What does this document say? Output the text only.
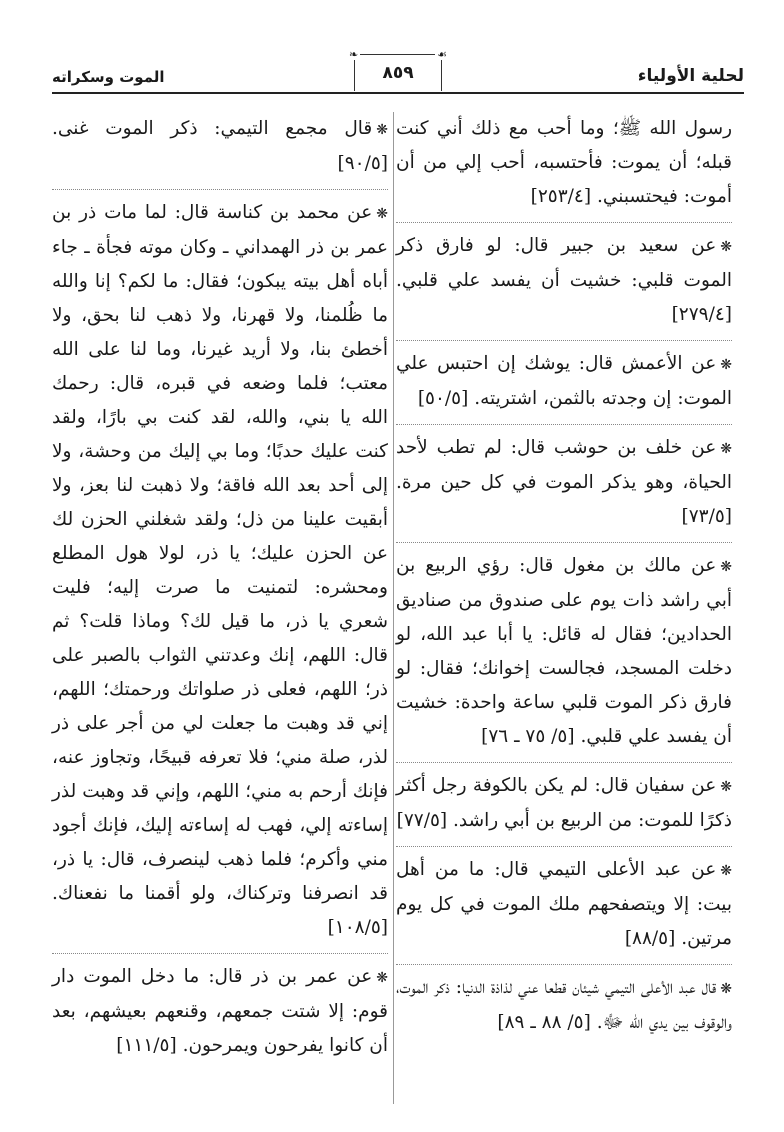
لحلية الأولياء
☙
٨٥٩
❧
الموت وسكراته
رسول الله ﷺ؛ وما أحب مع ذلك أني كنت قبله؛ أن يموت: فأحتسبه، أحب إلي من أن أموت: فيحتسبني. [٢٥٣/٤]
❋عن سعيد بن جبير قال: لو فارق ذكر الموت قلبي: خشيت أن يفسد علي قلبي. [٢٧٩/٤]
❋عن الأعمش قال: يوشك إن احتبس علي الموت: إن وجدته بالثمن، اشتريته. [٥٠/٥]
❋عن خلف بن حوشب قال: لم تطب لأحد الحياة، وهو يذكر الموت في كل حين مرة. [٧٣/٥]
❋عن مالك بن مغول قال: رؤي الربيع بن أبي راشد ذات يوم على صندوق من صناديق الحدادين؛ فقال له قائل: يا أبا عبد الله، لو دخلت المسجد، فجالست إخوانك؛ فقال: لو فارق ذكر الموت قلبي ساعة واحدة: خشيت أن يفسد علي قلبي. [٥/ ٧٥ ـ ٧٦]
❋عن سفيان قال: لم يكن بالكوفة رجل أكثر ذكرًا للموت: من الربيع بن أبي راشد. [٧٧/٥]
❋عن عبد الأعلى التيمي قال: ما من أهل بيت: إلا ويتصفحهم ملك الموت في كل يوم مرتين. [٨٨/٥]
❋قال عبد الأعلى التيمي شيئان قطعا عني لذاذة الدنيا: ذكر الموت، والوقوف بين يدي الله ﷻ. [٥/ ٨٨ ـ ٨٩]
❋قال مجمع التيمي: ذكر الموت غنى. [٩٠/٥]
❋عن محمد بن كناسة قال: لما مات ذر بن عمر بن ذر الهمداني ـ وكان موته فجأة ـ جاء أباه أهل بيته يبكون؛ فقال: ما لكم؟ إنا والله ما ظُلمنا، ولا قهرنا، ولا ذهب لنا بحق، ولا أخطئ بنا، ولا أريد غيرنا، وما لنا على الله معتب؛ فلما وضعه في قبره، قال: رحمك الله يا بني، والله، لقد كنت بي بارًا، ولقد كنت عليك حدبًا؛ وما بي إليك من وحشة، ولا إلى أحد بعد الله فاقة؛ ولا ذهبت لنا بعز، ولا أبقيت علينا من ذل؛ ولقد شغلني الحزن لك عن الحزن عليك؛ يا ذر، لولا هول المطلع ومحشره: لتمنيت ما صرت إليه؛ فليت شعري يا ذر، ما قيل لك؟ وماذا قلت؟ ثم قال: اللهم، إنك وعدتني الثواب بالصبر على ذر؛ اللهم، فعلى ذر صلواتك ورحمتك؛ اللهم، إني قد وهبت ما جعلت لي من أجر على ذر لذر، صلة مني؛ فلا تعرفه قبيحًا، وتجاوز عنه، فإنك أرحم به مني؛ اللهم، وإني قد وهبت لذر إساءته إلي، فهب له إساءته إليك، فإنك أجود مني وأكرم؛ فلما ذهب لينصرف، قال: يا ذر، قد انصرفنا وتركناك، ولو أقمنا ما نفعناك. [١٠٨/٥]
❋عن عمر بن ذر قال: ما دخل الموت دار قوم: إلا شتت جمعهم، وقنعهم بعيشهم، بعد أن كانوا يفرحون ويمرحون. [١١١/٥]
